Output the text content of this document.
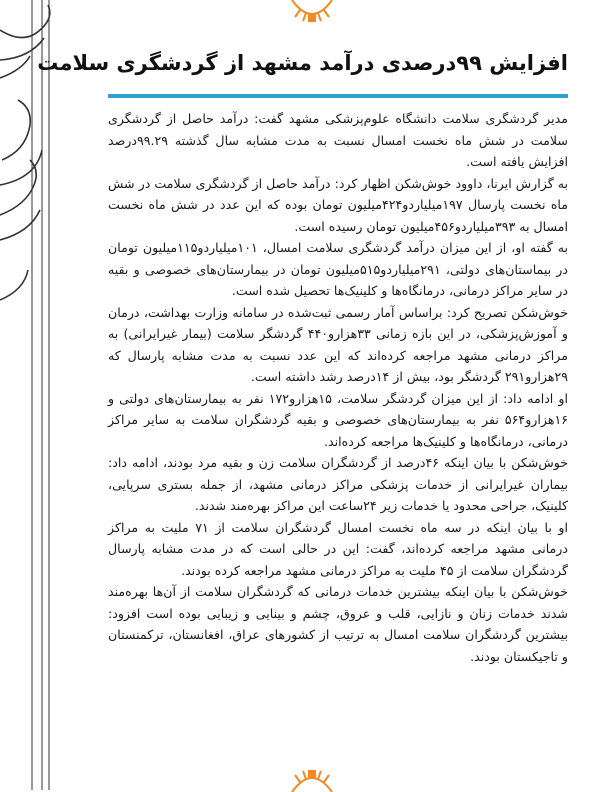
افزایش ۹۹درصدی درآمد مشهد از گردشگری سلامت

مدیر گردشگری سلامت دانشگاه علوم‌پزشکی مشهد گفت: درآمد حاصل از گردشگری سلامت در شش ماه نخست امسال نسبت به مدت مشابه سال گذشته ۹۹.۲۹درصد افزایش یافته است.

به گزارش ایرنا، داوود خوش‌شکن اظهار کرد: درآمد حاصل از گردشگری سلامت در شش ماه نخست پارسال ۱۹۷میلیاردو۴۲۴میلیون تومان بوده که این عدد در شش ماه نخست امسال به ۳۹۳میلیاردو۴۵۶میلیون تومان رسیده است.

به گفته او، از این میزان درآمد گردشگری سلامت امسال، ۱۰۱میلیاردو۱۱۵میلیون تومان در بیماستان‌های دولتی، ۲۹۱میلیاردو۵۱۵میلیون تومان در بیمارستان‌های خصوصی و بقیه در سایر مراکز درمانی، درمانگاه‌ها و کلینیک‌ها تحصیل شده است.

خوش‌شکن تصریح کرد: براساس آمار رسمی ثبت‌شده در سامانه وزارت بهداشت، درمان و آموزش‌پزشکی، در این بازه زمانی ۳۳هزارو۴۴۰ گردشگر سلامت (بیمار غیرایرانی) به مراکز درمانی مشهد مراجعه کرده‌اند که این عدد نسبت به مدت مشابه پارسال که ۲۹هزارو۲۹۱ گردشگر بود، بیش از ۱۴درصد رشد داشته است.

او ادامه داد: از این میزان گردشگر سلامت، ۱۵هزارو۱۷۲ نفر به بیمارستان‌های دولتی و ۱۶هزارو۵۶۴ نفر به بیمارستان‌های خصوصی و بقیه گردشگران سلامت به سایر مراکز درمانی، درمانگاه‌ها و کلینیک‌ها مراجعه کرده‌اند.

خوش‌شکن با بیان اینکه ۴۶درصد از گردشگران سلامت زن و بقیه مرد بودند، ادامه داد: بیماران غیرایرانی از خدمات پزشکی مراکز درمانی مشهد، از جمله بستری سرپایی، کلینیک، جراحی محدود یا خدمات زیر ۲۴ساعت این مراکز بهره‌مند شدند.

او با بیان اینکه در سه ماه نخست امسال گردشگران سلامت از ۷۱ ملیت به مراکز درمانی مشهد مراجعه کرده‌اند، گفت: این در حالی است که در مدت مشابه پارسال گردشگران سلامت از ۴۵ ملیت به مراکز درمانی مشهد مراجعه کرده بودند.

خوش‌شکن با بیان اینکه بیشترین خدمات درمانی که گردشگران سلامت از آن‌ها بهره‌مند شدند خدمات زنان و نازایی، قلب و عروق، چشم و بینایی و زیبایی بوده است افزود: بیشترین گردشگران سلامت امسال به ترتیب از کشورهای عراق، افغانستان، ترکمنستان و تاجیکستان بودند.
